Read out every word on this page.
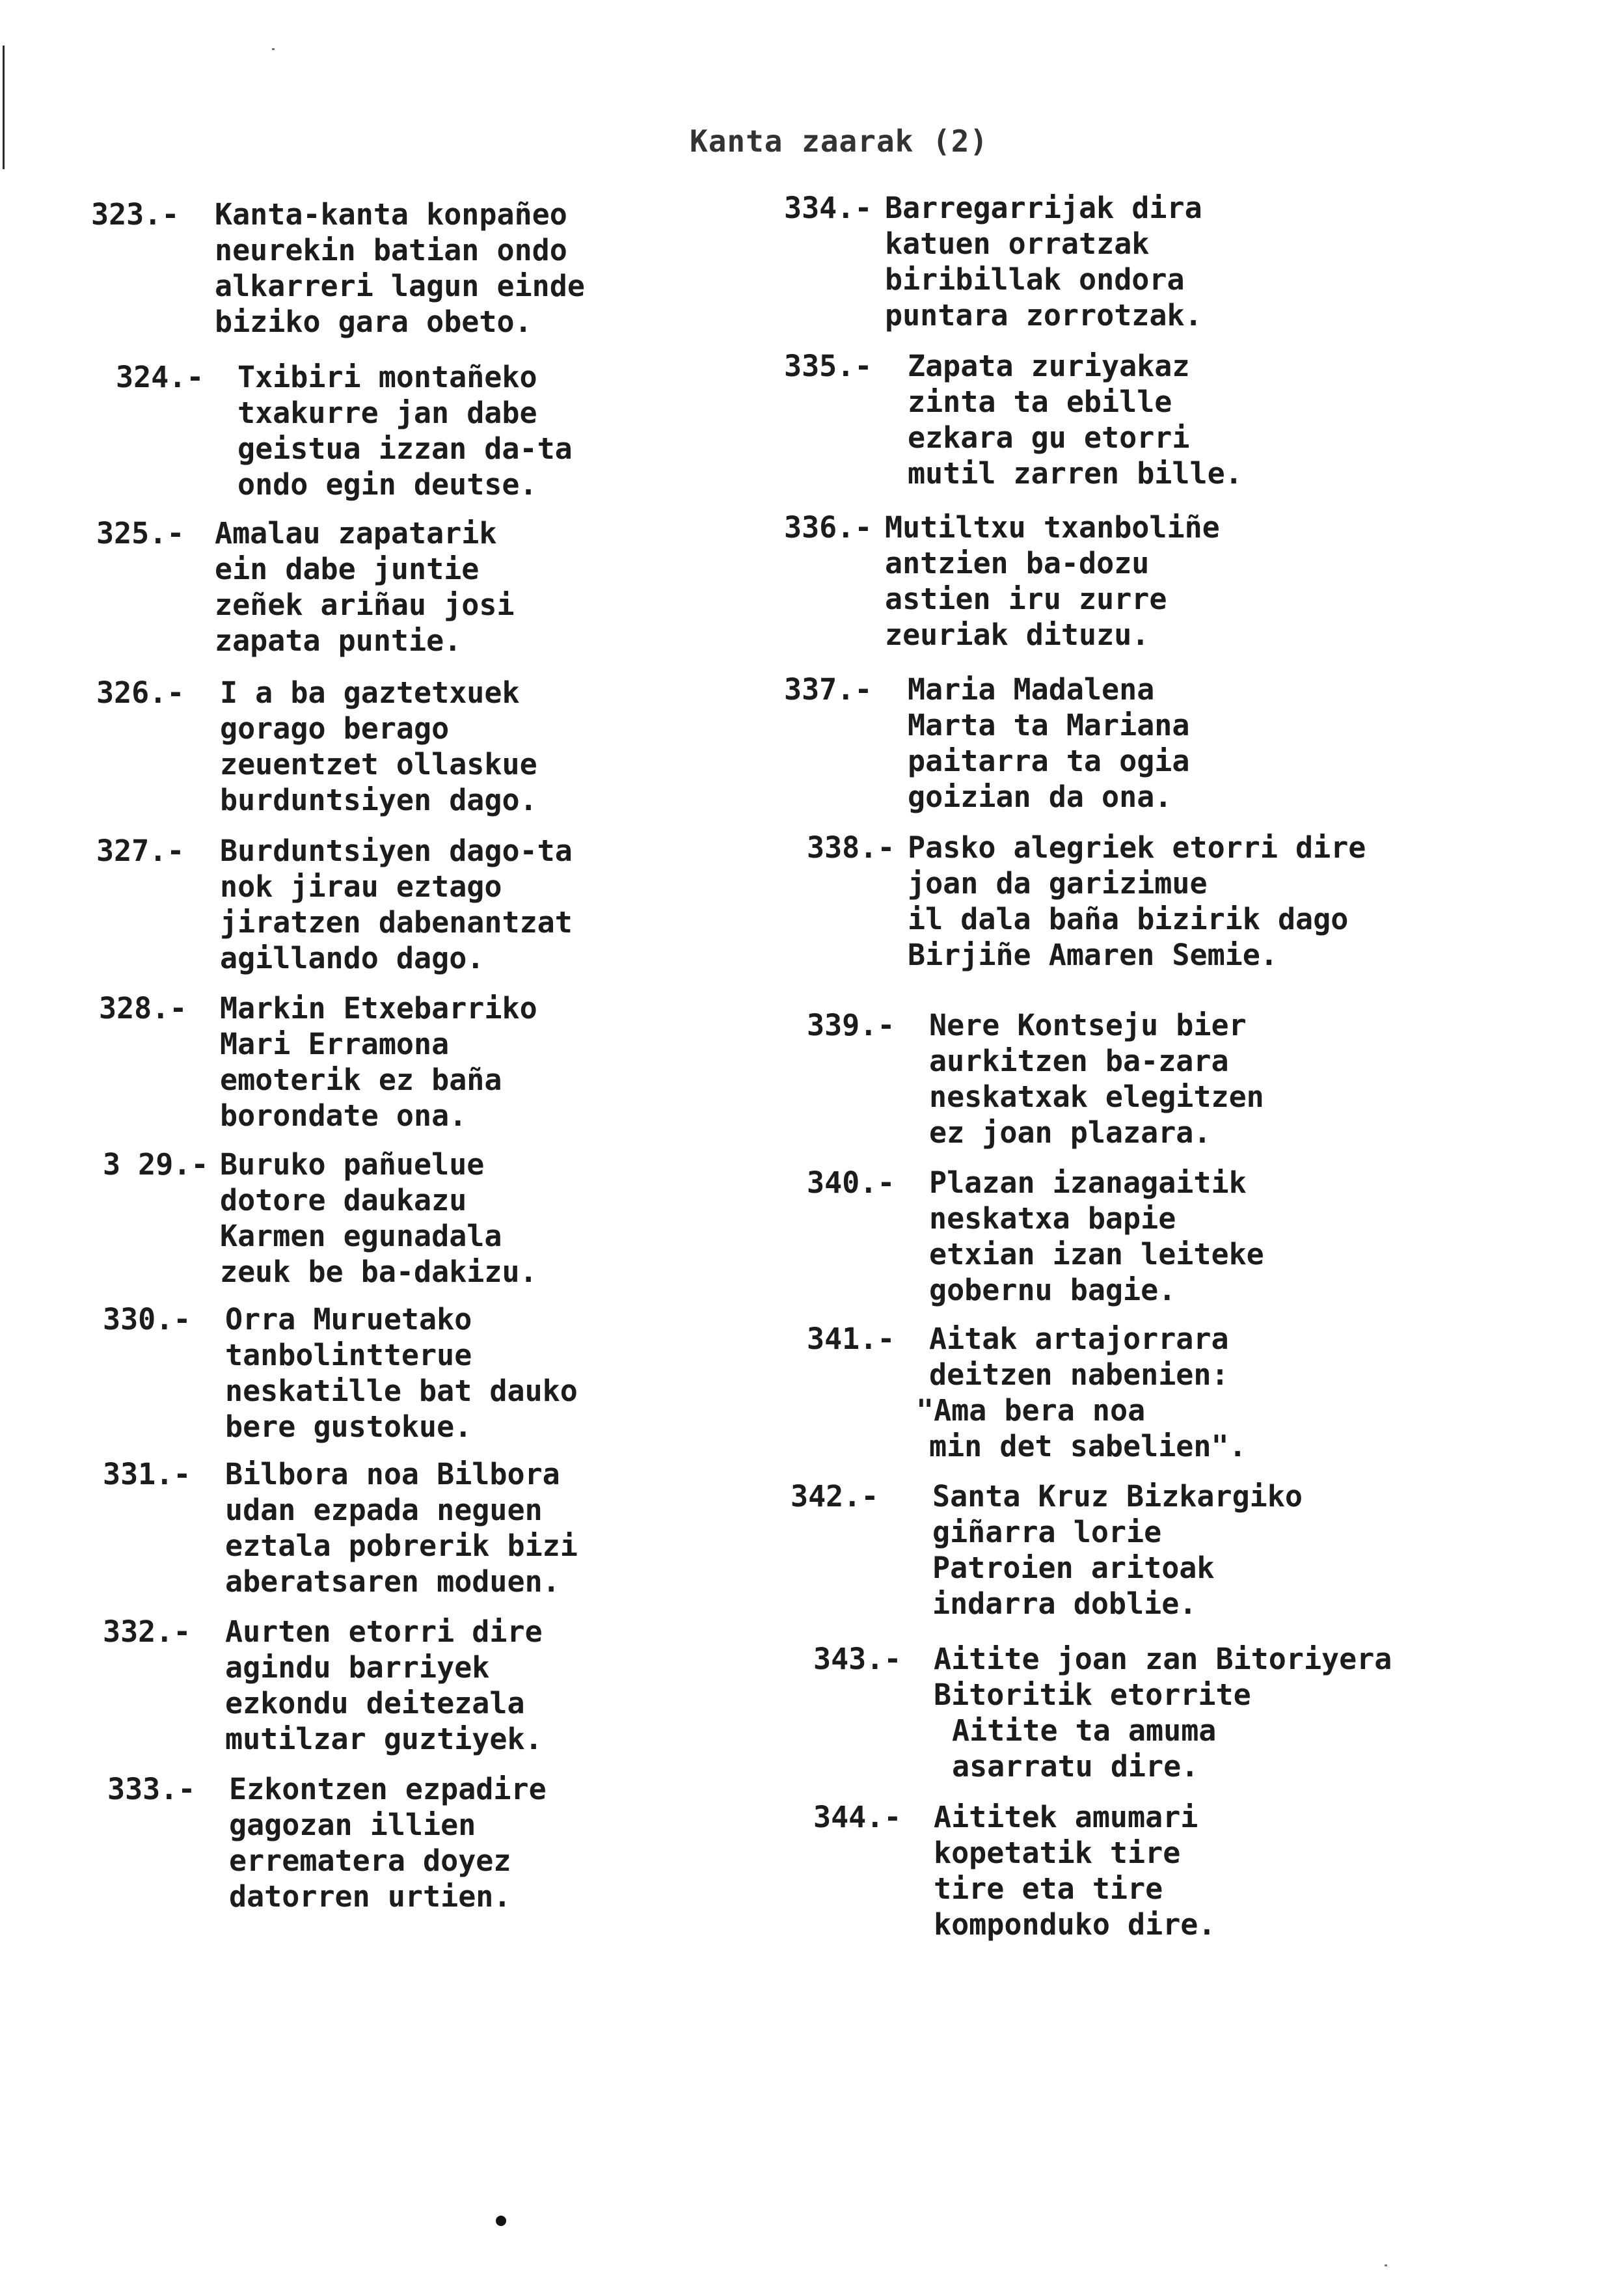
Kanta zaarak (2)
323.- Kanta-kanta konpañeo
neurekin batian ondo
alkarreri lagun einde
biziko gara obeto.
324.- Txibiri montañeko
txakurre jan dabe
geistua izzan da-ta
ondo egin deutse.
325.- Amalau zapatarik
ein dabe juntie
zeñek ariñau josi
zapata puntie.
326.- I a ba gaztetxuek
gorago berago
zeuentzet ollaskue
burduntsiyen dago.
327.- Burduntsiyen dago-ta
nok jirau eztago
jiratzen dabenantzat
agillando dago.
328.- Markin Etxebarriko
Mari Erramona
emoterik ez baña
borondate ona.
3 29.- Buruko pañuelue
dotore daukazu
Karmen egunadala
zeuk be ba-dakizu.
330.- Orra Muruetako
tanbolintterue
neskatille bat dauko
bere gustokue.
331.- Bilbora noa Bilbora
udan ezpada neguen
eztala pobrerik bizi
aberatsaren moduen.
332.- Aurten etorri dire
agindu barriyek
ezkondu deitezala
mutilzar guztiyek.
333.- Ezkontzen ezpadire
gagozan illien
errematera doyez
datorren urtien.
334.- Barregarrijak dira
katuen orratzak
biribillak ondora
puntara zorrotzak.
335.- Zapata zuriyakaz
zinta ta ebille
ezkara gu etorri
mutil zarren bille.
336.- Mutiltxu txanboliñe
antzien ba-dozu
astien iru zurre
zeuriak dituzu.
337.- Maria Madalena
Marta ta Mariana
paitarra ta ogia
goizian da ona.
338.- Pasko alegriek etorri dire
joan da garizimue
il dala baña bizirik dago
Birjiñe Amaren Semie.
339.- Nere Kontseju bier
aurkitzen ba-zara
neskatxak elegitzen
ez joan plazara.
340.- Plazan izanagaitik
neskatxa bapie
etxian izan leiteke
gobernu bagie.
341.-	Aitak artajorrara
deitzen nabenien:
"Ama bera noa
min det sabelien".
342.- Santa Kruz Bizkargiko
giñarra lorie
Patroien aritoak
indarra doblie.
343.- Aitite joan zan Bitoriyera
Bitoritik etorrite
Aitite ta amuma
asarratu dire.
344.- Aititek amumari
kopetatik tire
tire eta tire
komponduko dire.
